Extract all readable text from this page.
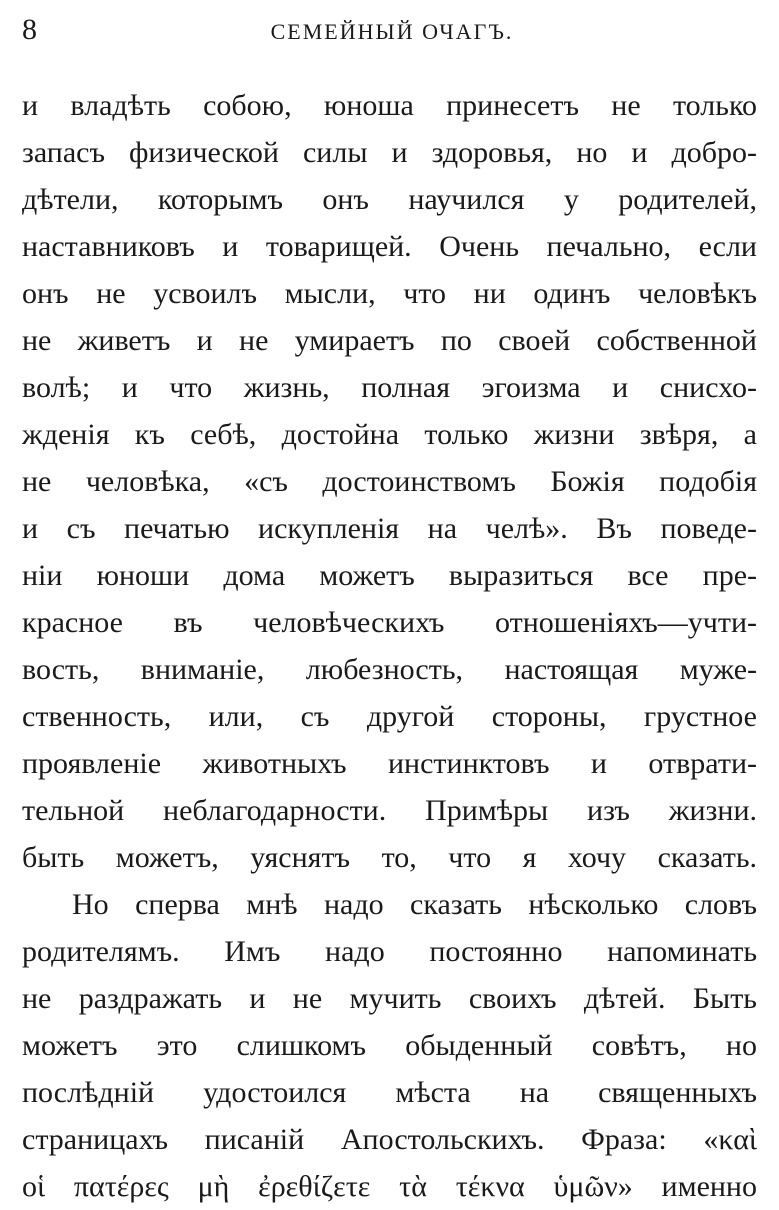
8	СЕМЕЙНЫЙ ОЧАГЪ.
и владѣть собою, юноша принесетъ не только
запасъ физической силы и здоровья, но и добро-
дѣтели, которымъ онъ научился у родителей,
наставниковъ и товарищей. Очень печально, если
онъ не усвоилъ мысли, что ни одинъ человѣкъ
не живетъ и не умираетъ по своей собственной
волѣ; и что жизнь, полная эгоизма и снисхо-
жденія къ себѣ, достойна только жизни звѣря, а
не человѣка, «съ достоинствомъ Божія подобія
и съ печатью искупленія на челѣ». Въ поведе-
ніи юноши дома можетъ выразиться все пре-
красное въ человѣческихъ отношеніяхъ—учти-
вость, вниманіе, любезность, настоящая муже-
ственность, или, съ другой стороны, грустное
проявленіе животныхъ инстинктовъ и отврати-
тельной неблагодарности. Примѣры изъ жизни.
быть можетъ, уяснятъ то, что я хочу сказать.
Но сперва мнѣ надо сказать нѣсколько словъ
родителямъ. Имъ надо постоянно напоминать
не раздражать и не мучить своихъ дѣтей. Быть
можетъ это слишкомъ обыденный совѣтъ, но
послѣдній удостоился мѣста на священныхъ
страницахъ писаній Апостольскихъ. Фраза: «καὶ
οἱ πατέρες μὴ ἐρεθίζετε τὰ τέκνα ὑμῶν» именно
